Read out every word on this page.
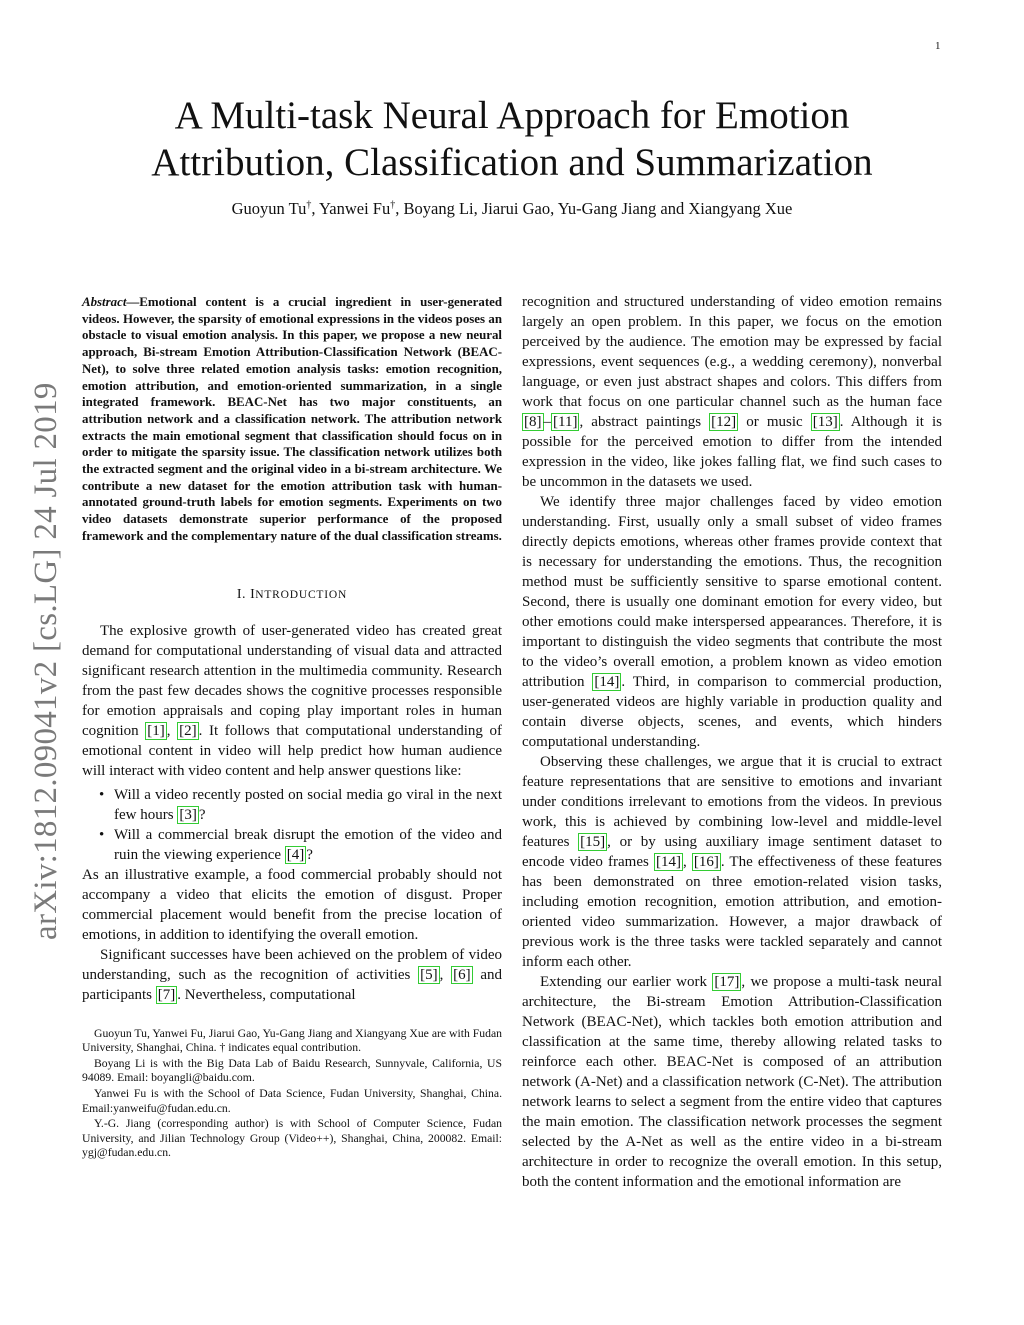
1
arXiv:1812.09041v2 [cs.LG] 24 Jul 2019
A Multi-task Neural Approach for Emotion
Attribution, Classification and Summarization
Guoyun Tu†, Yanwei Fu†, Boyang Li, Jiarui Gao, Yu-Gang Jiang and Xiangyang Xue
Abstract—Emotional content is a crucial ingredient in user-generated videos. However, the sparsity of emotional expressions in the videos poses an obstacle to visual emotion analysis. In this paper, we propose a new neural approach, Bi-stream Emotion Attribution-Classification Network (BEAC-Net), to solve three related emotion analysis tasks: emotion recognition, emotion attribution, and emotion-oriented summarization, in a single integrated framework. BEAC-Net has two major constituents, an attribution network and a classification network. The attribution network extracts the main emotional segment that classification should focus on in order to mitigate the sparsity issue. The classification network utilizes both the extracted segment and the original video in a bi-stream architecture. We contribute a new dataset for the emotion attribution task with human-annotated ground-truth labels for emotion segments. Experiments on two video datasets demonstrate superior performance of the proposed framework and the complementary nature of the dual classification streams.
I. INTRODUCTION

The explosive growth of user-generated video has created great demand for computational understanding of visual data and attracted significant research attention in the multimedia community. Research from the past few decades shows the cognitive processes responsible for emotion appraisals and coping play important roles in human cognition [1] , [2] . It follows that computational understanding of emotional content in video will help predict how human audience will interact with video content and help answer questions like:

• Will a video recently posted on social media go viral in the next few hours [3] ?
• Will a commercial break disrupt the emotion of the video and ruin the viewing experience [4] ?

As an illustrative example, a food commercial probably should not accompany a video that elicits the emotion of disgust. Proper commercial placement would benefit from the precise location of emotions, in addition to identifying the overall emotion.

Significant successes have been achieved on the problem of video understanding, such as the recognition of activities [5] , [6] and participants [7] . Nevertheless, computational

Guoyun Tu, Yanwei Fu, Jiarui Gao, Yu-Gang Jiang and Xiangyang Xue are with Fudan University, Shanghai, China. † indicates equal contribution.

Boyang Li is with the Big Data Lab of Baidu Research, Sunnyvale, California, US 94089. Email: boyangli@baidu.com.

Yanwei Fu is with the School of Data Science, Fudan University, Shanghai, China. Email:yanweifu@fudan.edu.cn.

Y.-G. Jiang (corresponding author) is with School of Computer Science, Fudan University, and Jilian Technology Group (Video++), Shanghai, China, 200082. Email: ygj@fudan.edu.cn.

recognition and structured understanding of video emotion remains largely an open problem. In this paper, we focus on the emotion perceived by the audience. The emotion may be expressed by facial expressions, event sequences (e.g., a wedding ceremony), nonverbal language, or even just abstract shapes and colors. This differs from work that focus on one particular channel such as the human face [8] – [11] , abstract paintings [12] or music [13] . Although it is possible for the perceived emotion to differ from the intended expression in the video, like jokes falling flat, we find such cases to be uncommon in the datasets we used.

We identify three major challenges faced by video emotion understanding. First, usually only a small subset of video frames directly depicts emotions, whereas other frames provide context that is necessary for understanding the emotions. Thus, the recognition method must be sufficiently sensitive to sparse emotional content. Second, there is usually one dominant emotion for every video, but other emotions could make interspersed appearances. Therefore, it is important to distinguish the video segments that contribute the most to the video’s overall emotion, a problem known as video emotion attribution [14] . Third, in comparison to commercial production, user-generated videos are highly variable in production quality and contain diverse objects, scenes, and events, which hinders computational understanding.

Observing these challenges, we argue that it is crucial to extract feature representations that are sensitive to emotions and invariant under conditions irrelevant to emotions from the videos. In previous work, this is achieved by combining low-level and middle-level features [15] , or by using auxiliary image sentiment dataset to encode video frames [14] , [16] . The effectiveness of these features has been demonstrated on three emotion-related vision tasks, including emotion recognition, emotion attribution, and emotion-oriented video summarization. However, a major drawback of previous work is the three tasks were tackled separately and cannot inform each other.

Extending our earlier work [17] , we propose a multi-task neural architecture, the Bi-stream Emotion Attribution-Classification Network (BEAC-Net), which tackles both emotion attribution and classification at the same time, thereby allowing related tasks to reinforce each other. BEAC-Net is composed of an attribution network (A-Net) and a classification network (C-Net). The attribution network learns to select a segment from the entire video that captures the main emotion. The classification network processes the segment selected by the A-Net as well as the entire video in a bi-stream architecture in order to recognize the overall emotion. In this setup, both the content information and the emotional information are
